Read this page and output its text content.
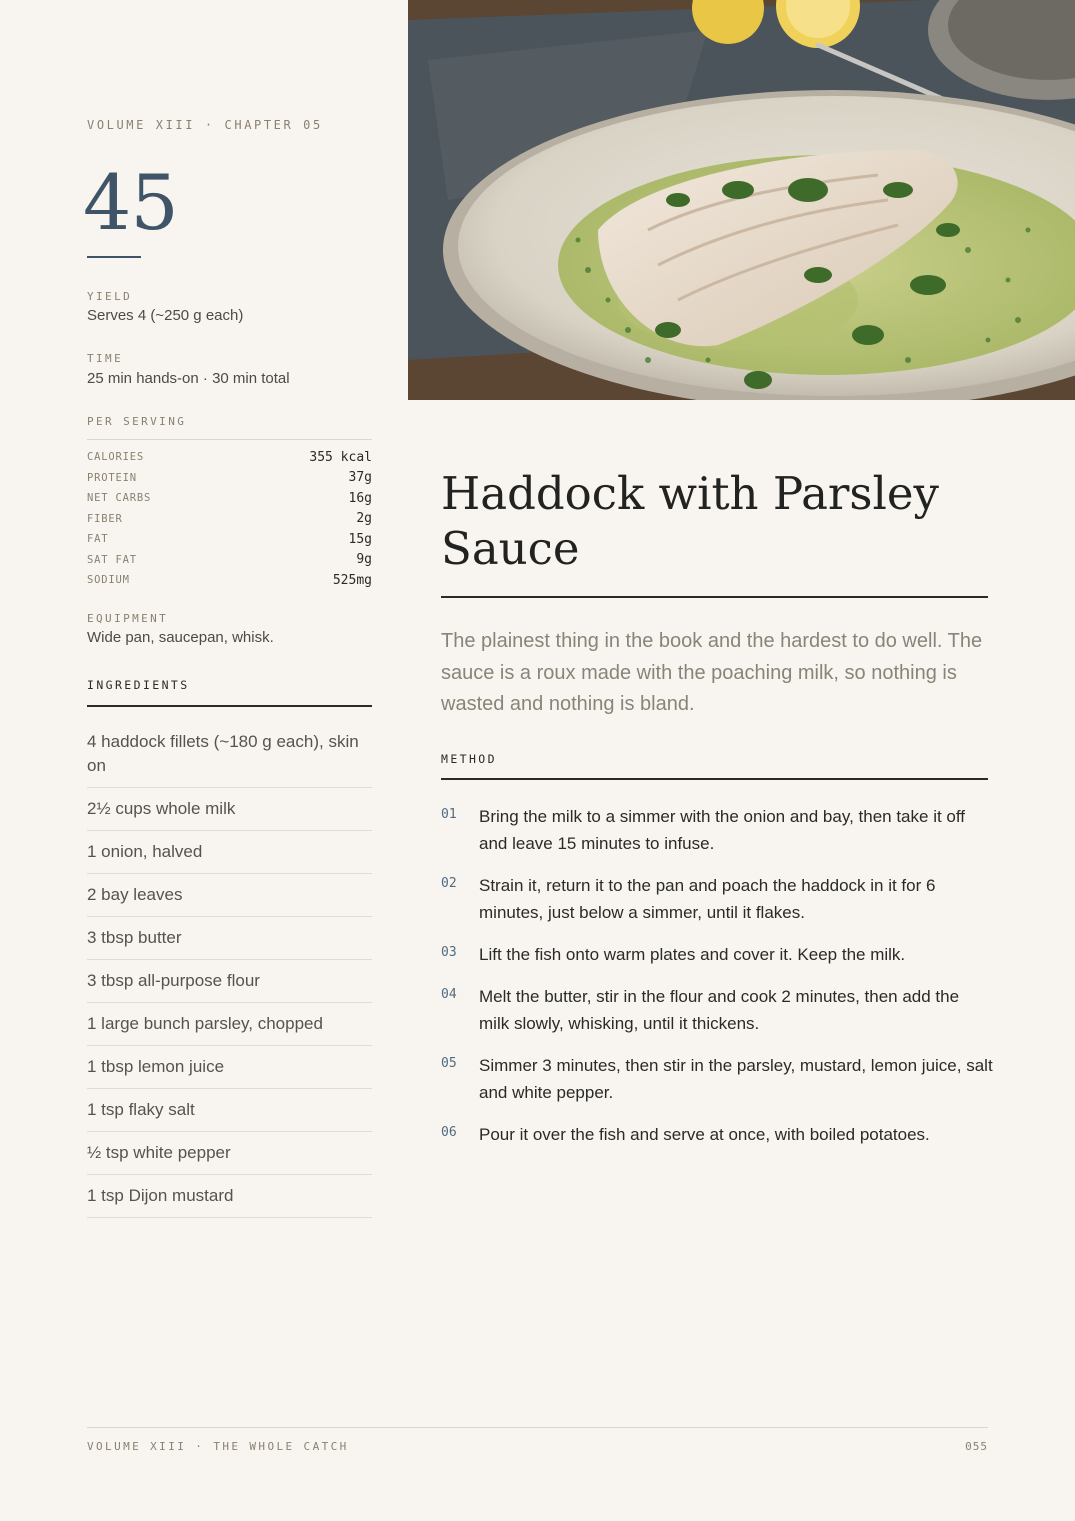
VOLUME XIII · CHAPTER 05
45
YIELD
Serves 4 (~250 g each)
TIME
25 min hands-on · 30 min total
PER SERVING
CALORIES	355 kcal
PROTEIN	37g
NET CARBS	16g
FIBER	2g
FAT	15g
SAT FAT	9g
SODIUM	525mg
EQUIPMENT
Wide pan, saucepan, whisk.
INGREDIENTS
4 haddock fillets (~180 g each), skin on
2½ cups whole milk
1 onion, halved
2 bay leaves
3 tbsp butter
3 tbsp all-purpose flour
1 large bunch parsley, chopped
1 tbsp lemon juice
1 tsp flaky salt
½ tsp white pepper
1 tsp Dijon mustard
Haddock with Parsley Sauce

The plainest thing in the book and the hardest to do well. The sauce is a roux made with the poaching milk, so nothing is wasted and nothing is bland.

METHOD
01	Bring the milk to a simmer with the onion and bay, then take it off and leave 15 minutes to infuse.
02	Strain it, return it to the pan and poach the haddock in it for 6 minutes, just below a simmer, until it flakes.
03	Lift the fish onto warm plates and cover it. Keep the milk.
04	Melt the butter, stir in the flour and cook 2 minutes, then add the milk slowly, whisking, until it thickens.
05	Simmer 3 minutes, then stir in the parsley, mustard, lemon juice, salt and white pepper.
06	Pour it over the fish and serve at once, with boiled potatoes.
VOLUME XIII · THE WHOLE CATCH	055
